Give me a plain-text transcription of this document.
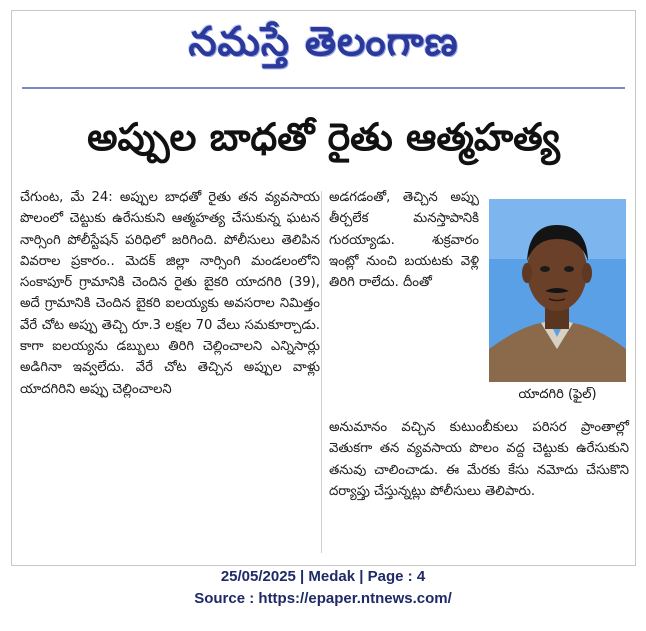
నమస్తే తెలంగాణ
అప్పుల బాధతో రైతు ఆత్మహత్య
చేగుంట, మే 24: అప్పుల బాధతో రైతు తన వ్యవసాయ పొలంలో చెట్టుకు ఉరేసుకుని ఆత్మహత్య చేసుకున్న ఘటన నార్సింగి పోలీస్టేషన్ పరిధిలో జరిగింది. పోలీసులు తెలిపిన వివరాల ప్రకారం.. మెదక్ జిల్లా నార్సింగి మండలంలోని సంకాపూర్ గ్రామానికి చెందిన రైతు బైకరి యాదగిరి (39), అదే గ్రామానికి చెందిన బైకరి ఐలయ్యకు అవసరాల నిమిత్తం వేరే చోట అప్పు తెచ్చి రూ.3 లక్షల 70 వేలు సమకూర్చాడు. కాగా ఐలయ్యను డబ్బులు తిరిగి చెల్లించాలని ఎన్నిసార్లు అడిగినా ఇవ్వలేదు. వేరే చోట తెచ్చిన అప్పుల వాళ్లు యాదగిరిని అప్పు చెల్లించాలని
అడగడంతో, తెచ్చిన అప్పు తీర్చలేక మనస్తాపానికి గురయ్యాడు. శుక్రవారం ఇంట్లో నుంచి బయటకు వెళ్లి తిరిగి రాలేదు. దీంతో
యాదగిరి (ఫైల్)
అనుమానం వచ్చిన కుటుంబీకులు పరిసర ప్రాంతాల్లో వెతుకగా తన వ్యవసాయ పొలం వద్ద చెట్టుకు ఉరేసుకుని తనువు చాలించాడు. ఈ మేరకు కేసు నమోదు చేసుకొని దర్యాప్తు చేస్తున్నట్లు పోలీసులు తెలిపారు.
25/05/2025 | Medak | Page : 4
Source : https://epaper.ntnews.com/
